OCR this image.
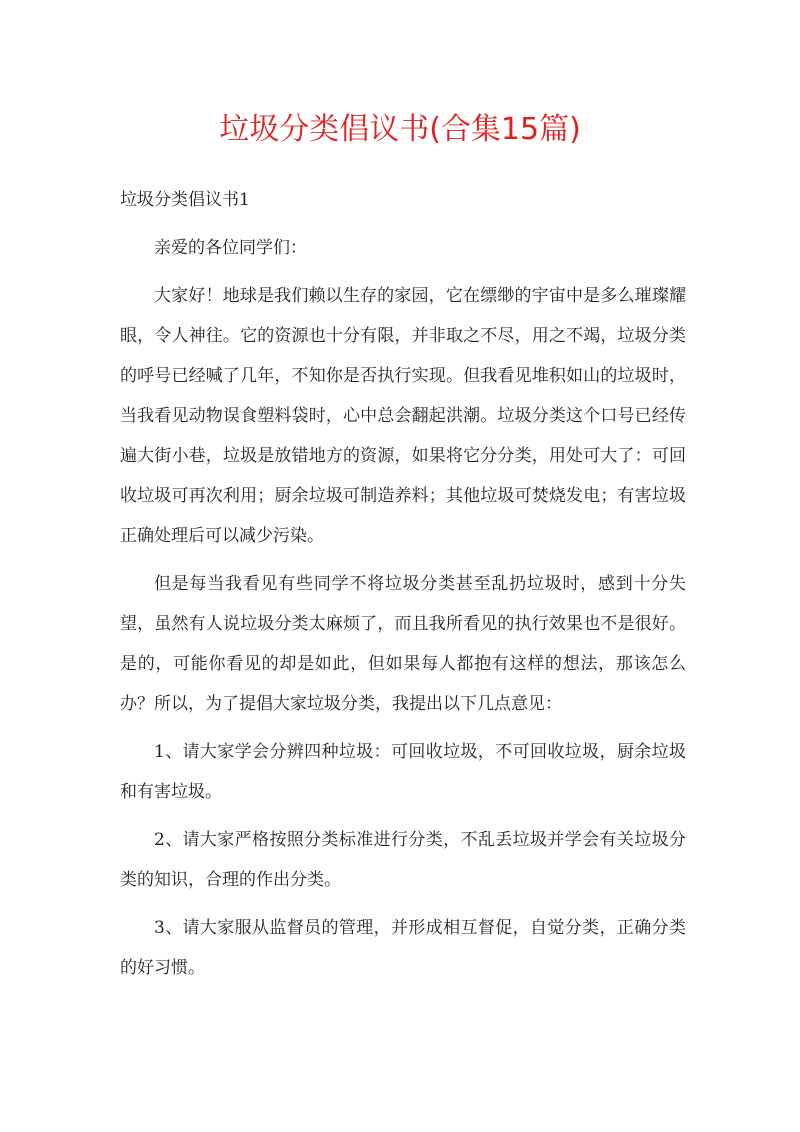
垃圾分类倡议书(合集15篇)

垃圾分类倡议书1

亲爱的各位同学们：

大家好！地球是我们赖以生存的家园，它在缥缈的宇宙中是多么璀璨耀眼，令人神往。它的资源也十分有限，并非取之不尽，用之不竭，垃圾分类的呼号已经喊了几年，不知你是否执行实现。但我看见堆积如山的垃圾时，当我看见动物误食塑料袋时，心中总会翻起洪潮。垃圾分类这个口号已经传遍大街小巷，垃圾是放错地方的资源，如果将它分分类，用处可大了：可回收垃圾可再次利用；厨余垃圾可制造养料；其他垃圾可焚烧发电；有害垃圾正确处理后可以减少污染。

但是每当我看见有些同学不将垃圾分类甚至乱扔垃圾时，感到十分失望，虽然有人说垃圾分类太麻烦了，而且我所看见的执行效果也不是很好。是的，可能你看见的却是如此，但如果每人都抱有这样的想法，那该怎么办？所以，为了提倡大家垃圾分类，我提出以下几点意见：

1、请大家学会分辨四种垃圾：可回收垃圾，不可回收垃圾，厨余垃圾和有害垃圾。

2、请大家严格按照分类标准进行分类，不乱丢垃圾并学会有关垃圾分类的知识，合理的作出分类。

3、请大家服从监督员的管理，并形成相互督促，自觉分类，正确分类的好习惯。
